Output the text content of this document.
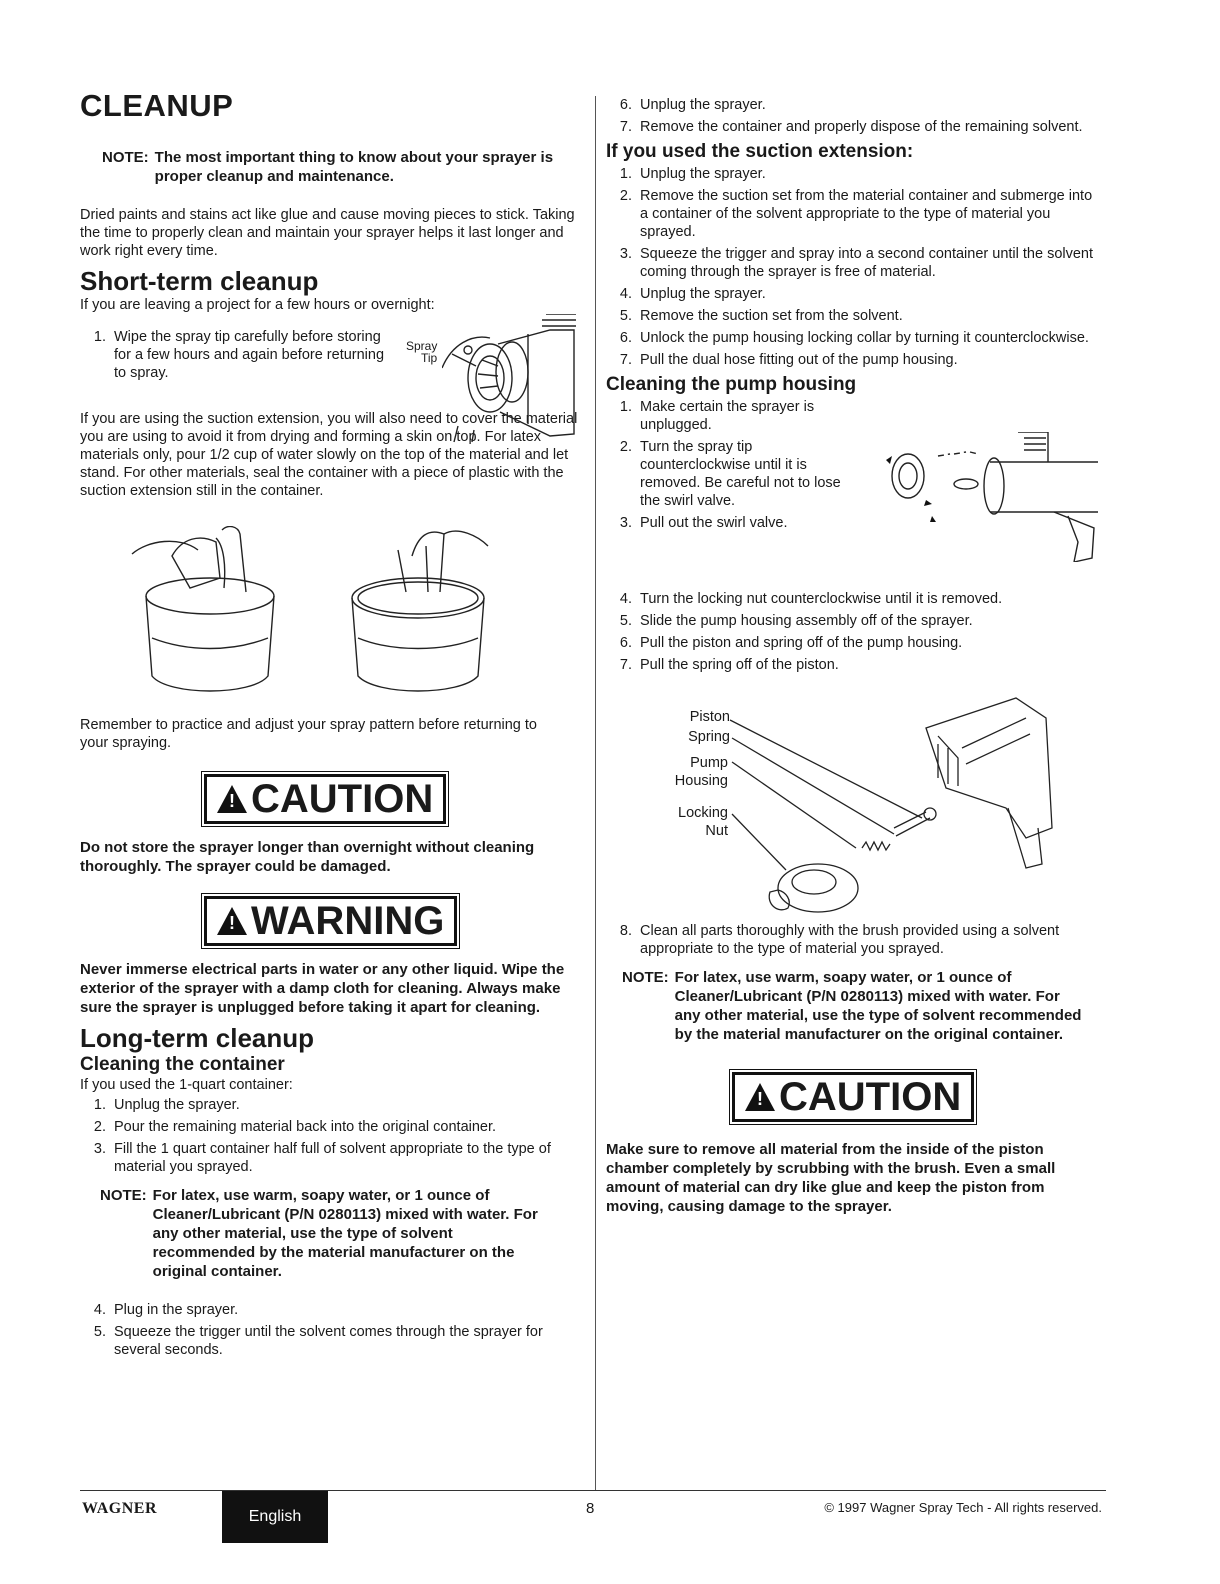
CLEANUP
NOTE: The most important thing to know about your sprayer is proper cleanup and maintenance.

Dried paints and stains act like glue and cause moving pieces to stick. Taking the time to properly clean and maintain your sprayer helps it last longer and work right every time.

Short-term cleanup

If you are leaving a project for a few hours or overnight:

1. Wipe the spray tip carefully before storing for a few hours and again before returning to spray.
Spray
Tip

If you are using the suction extension, you will also need to cover the material you are using to avoid it from drying and forming a skin on top. For latex materials only, pour 1/2 cup of water slowly on the top of the material and let stand. For other materials, seal the container with a piece of plastic with the suction extension still in the container.

Remember to practice and adjust your spray pattern before returning to your spraying.

!
CAUTION

Do not store the sprayer longer than overnight without cleaning thoroughly. The sprayer could be damaged.

!
WARNING

Never immerse electrical parts in water or any other liquid. Wipe the exterior of the sprayer with a damp cloth for cleaning. Always make sure the sprayer is unplugged before taking it apart for cleaning.

Long-term cleanup
Cleaning the container

If you used the 1-quart container:

1. Unplug the sprayer.
2. Pour the remaining material back into the original container.
3. Fill the 1 quart container half full of solvent appropriate to the type of material you sprayed.
NOTE: For latex, use warm, soapy water, or 1 ounce of Cleaner/Lubricant (P/N 0280113) mixed with water. For any other material, use the type of solvent recommended by the material manufacturer on the original container.
4. Plug in the sprayer.
5. Squeeze the trigger until the solvent comes through the sprayer for several seconds.
6. Unplug the sprayer.
7. Remove the container and properly dispose of the remaining solvent.
If you used the suction extension:
1. Unplug the sprayer.
2. Remove the suction set from the material container and submerge into a container of the solvent appropriate to the type of material you sprayed.
3. Squeeze the trigger and spray into a second container until the solvent coming through the sprayer is free of material.
4. Unplug the sprayer.
5. Remove the suction set from the solvent.
6. Unlock the pump housing locking collar by turning it counterclockwise.
7. Pull the dual hose fitting out of the pump housing.
Cleaning the pump housing
1. Make certain the sprayer is unplugged.
2. Turn the spray tip counterclockwise until it is removed. Be careful not to lose the swirl valve.
3. Pull out the swirl valve.
4. Turn the locking nut counterclockwise until it is removed.
5. Slide the pump housing assembly off of the sprayer.
6. Pull the piston and spring off of the pump housing.
7. Pull the spring off of the piston.
Piston
Spring
Pump
Housing
Locking
Nut
8. Clean all parts thoroughly with the brush provided using a solvent appropriate to the type of material you sprayed.
NOTE: For latex, use warm, soapy water, or 1 ounce of Cleaner/Lubricant (P/N 0280113) mixed with water. For any other material, use the type of solvent recommended by the material manufacturer on the original container.
!
CAUTION

Make sure to remove all material from the inside of the piston chamber completely by scrubbing with the brush. Even a small amount of material can dry like glue and keep the piston from moving, causing damage to the sprayer.

WAGNER	English	8	© 1997 Wagner Spray Tech - All rights reserved.
